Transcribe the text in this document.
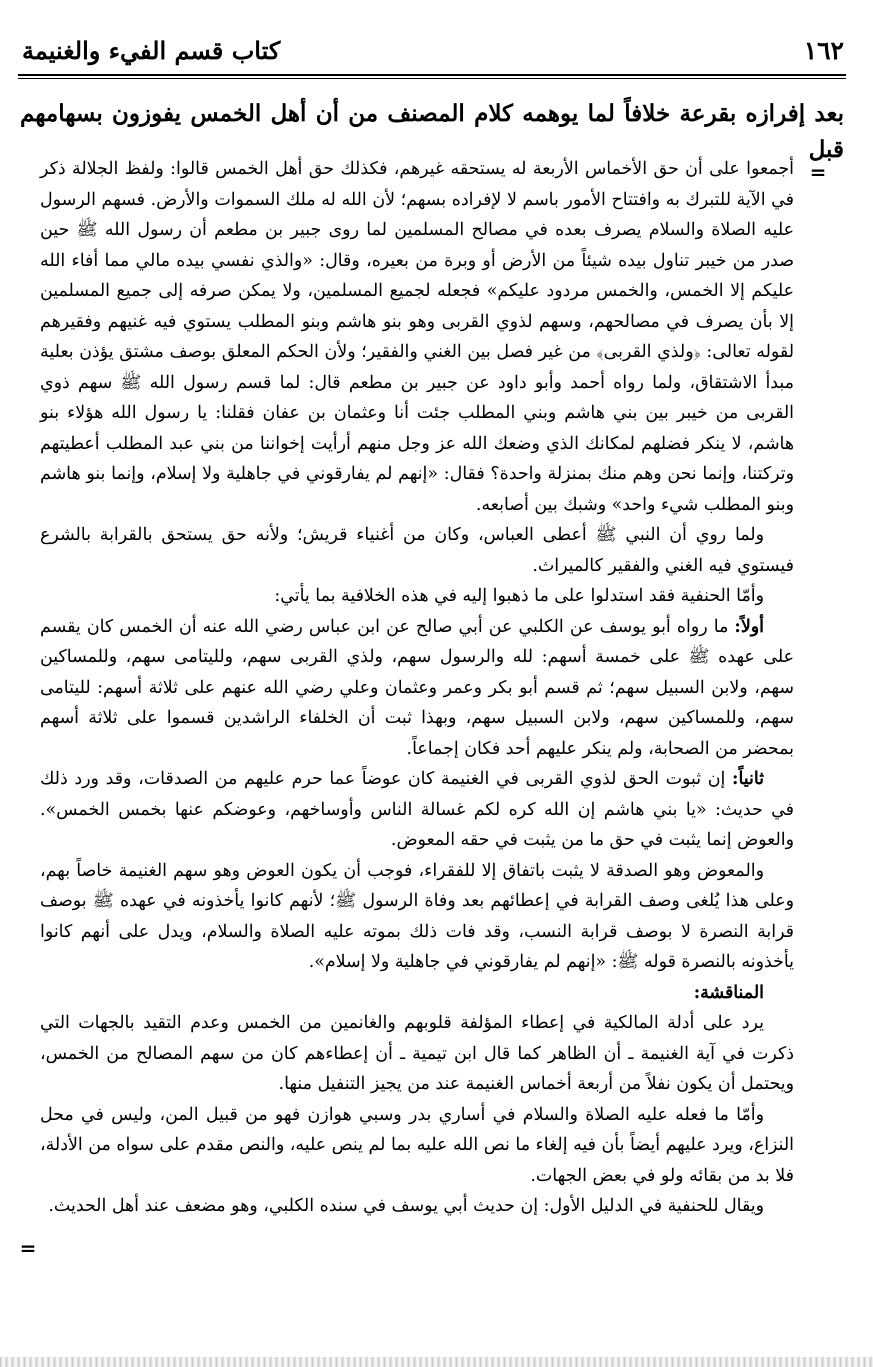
١٦٢
كتاب قسم الفيء والغنيمة
بعد إفرازه بقرعة خلافاً لما يوهمه كلام المصنف من أن أهل الخمس يفوزون بسهامهم قبل
=

أجمعوا على أن حق الأخماس الأربعة له يستحقه غيرهم، فكذلك حق أهل الخمس قالوا: ولفظ الجلالة ذكر في الآية للتبرك به وافتتاح الأمور باسم لا لإفراده بسهم؛ لأن الله له ملك السموات والأرض. فسهم الرسول عليه الصلاة والسلام يصرف بعده في مصالح المسلمين لما روى جبير بن مطعم أن رسول الله ﷺ حين صدر من خيبر تناول بيده شيئاً من الأرض أو وبرة من بعيره، وقال: «والذي نفسي بيده مالي مما أفاء الله عليكم إلا الخمس، والخمس مردود عليكم» فجعله لجميع المسلمين، ولا يمكن صرفه إلى جميع المسلمين إلا بأن يصرف في مصالحهم، وسهم لذوي القربى وهو بنو هاشم وبنو المطلب يستوي فيه غنيهم وفقيرهم لقوله تعالى: ﴿ولذي القربى﴾ من غير فصل بين الغني والفقير؛ ولأن الحكم المعلق بوصف مشتق يؤذن بعلية مبدأ الاشتقاق، ولما رواه أحمد وأبو داود عن جبير بن مطعم قال: لما قسم رسول الله ﷺ سهم ذوي القربى من خيبر بين بني هاشم وبني المطلب جئت أنا وعثمان بن عفان فقلنا: يا رسول الله هؤلاء بنو هاشم، لا ينكر فضلهم لمكانك الذي وضعك الله عز وجل منهم أرأيت إخواننا من بني عبد المطلب أعطيتهم وتركتنا، وإنما نحن وهم منك بمنزلة واحدة؟ فقال: «إنهم لم يفارقوني في جاهلية ولا إسلام، وإنما بنو هاشم وبنو المطلب شيء واحد» وشبك بين أصابعه.

ولما روي أن النبي ﷺ أعطى العباس، وكان من أغنياء قريش؛ ولأنه حق يستحق بالقرابة بالشرع فيستوي فيه الغني والفقير كالميراث.

وأمّا الحنفية فقد استدلوا على ما ذهبوا إليه في هذه الخلافية بما يأتي:

أولاً: ما رواه أبو يوسف عن الكلبي عن أبي صالح عن ابن عباس رضي الله عنه أن الخمس كان يقسم على عهده ﷺ على خمسة أسهم: لله والرسول سهم، ولذي القربى سهم، ولليتامى سهم، وللمساكين سهم، ولابن السبيل سهم؛ ثم قسم أبو بكر وعمر وعثمان وعلي رضي الله عنهم على ثلاثة أسهم: لليتامى سهم، وللمساكين سهم، ولابن السبيل سهم، وبهذا ثبت أن الخلفاء الراشدين قسموا على ثلاثة أسهم بمحضر من الصحابة، ولم ينكر عليهم أحد فكان إجماعاً.

ثانياً: إن ثبوت الحق لذوي القربى في الغنيمة كان عوضاً عما حرم عليهم من الصدقات، وقد ورد ذلك في حديث: «يا بني هاشم إن الله كره لكم غسالة الناس وأوساخهم، وعوضكم عنها بخمس الخمس». والعوض إنما يثبت في حق ما من يثبت في حقه المعوض.

والمعوض وهو الصدقة لا يثبت باتفاق إلا للفقراء، فوجب أن يكون العوض وهو سهم الغنيمة خاصاً بهم، وعلى هذا يُلغى وصف القرابة في إعطائهم بعد وفاة الرسول ﷺ؛ لأنهم كانوا يأخذونه في عهده ﷺ بوصف قرابة النصرة لا بوصف قرابة النسب، وقد فات ذلك بموته عليه الصلاة والسلام، ويدل على أنهم كانوا يأخذونه بالنصرة قوله ﷺ: «إنهم لم يفارقوني في جاهلية ولا إسلام».

المناقشة:

يرد على أدلة المالكية في إعطاء المؤلفة قلوبهم والغانمين من الخمس وعدم التقيد بالجهات التي ذكرت في آية الغنيمة ـ أن الظاهر كما قال ابن تيمية ـ أن إعطاءهم كان من سهم المصالح من الخمس، ويحتمل أن يكون نفلاً من أربعة أخماس الغنيمة عند من يجيز التنفيل منها.

وأمّا ما فعله عليه الصلاة والسلام في أساري بدر وسبي هوازن فهو من قبيل المن، وليس في محل النزاع، ويرد عليهم أيضاً بأن فيه إلغاء ما نص الله عليه بما لم ينص عليه، والنص مقدم على سواه من الأدلة، فلا بد من بقائه ولو في بعض الجهات.

ويقال للحنفية في الدليل الأول: إن حديث أبي يوسف في سنده الكلبي، وهو مضعف عند أهل الحديث.

=
